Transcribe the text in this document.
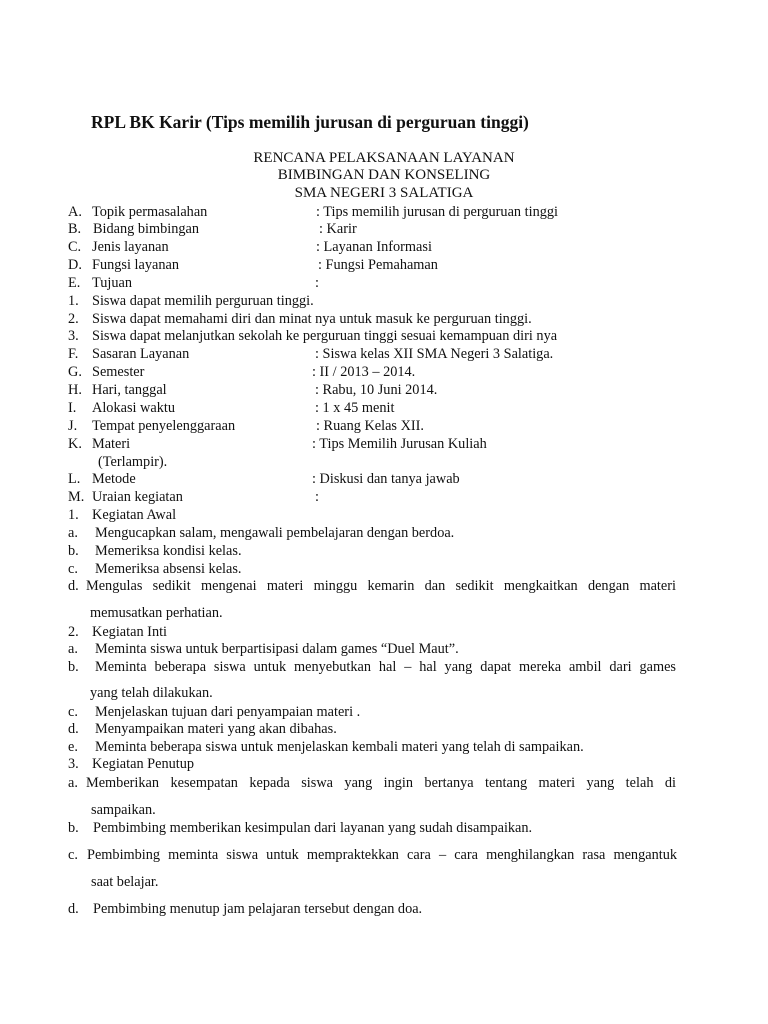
RPL BK Karir (Tips memilih jurusan di perguruan tinggi)
RENCANA PELAKSANAAN LAYANAN
BIMBINGAN DAN KONSELING
SMA NEGERI 3 SALATIGA
A. Topik permasalahan	: Tips memilih jurusan di perguruan tinggi
B. Bidang bimbingan	: Karir
C. Jenis layanan	: Layanan Informasi
D. Fungsi layanan	: Fungsi Pemahaman
E. Tujuan	:
1. Siswa dapat memilih perguruan tinggi.
2. Siswa dapat memahami diri dan minat nya untuk masuk ke perguruan tinggi.
3. Siswa dapat melanjutkan sekolah ke perguruan tinggi sesuai kemampuan diri nya
F. Sasaran Layanan	: Siswa kelas XII SMA Negeri 3 Salatiga.
G. Semester	: II / 2013 – 2014.
H. Hari, tanggal	: Rabu, 10 Juni 2014.
I. Alokasi waktu	: 1 x 45 menit
J. Tempat penyelenggaraan	: Ruang Kelas XII.
K. Materi	: Tips Memilih Jurusan Kuliah
(Terlampir).
L. Metode	: Diskusi dan tanya jawab
M. Uraian kegiatan	:
1. Kegiatan Awal
a. Mengucapkan salam, mengawali pembelajaran dengan berdoa.
b. Memeriksa kondisi kelas.
c. Memeriksa absensi kelas.
d. Mengulas sedikit mengenai materi minggu kemarin dan sedikit mengkaitkan dengan materi
memusatkan perhatian.
2. Kegiatan Inti
a. Meminta siswa untuk berpartisipasi dalam games “Duel Maut”.
b. Meminta beberapa siswa untuk menyebutkan hal – hal yang dapat mereka ambil dari games
yang telah dilakukan.
c. Menjelaskan tujuan dari penyampaian materi .
d. Menyampaikan materi yang akan dibahas.
e. Meminta beberapa siswa untuk menjelaskan kembali materi yang telah di sampaikan.
3. Kegiatan Penutup
a. Memberikan kesempatan kepada siswa yang ingin bertanya tentang materi yang telah di
sampaikan.
b. Pembimbing memberikan kesimpulan dari layanan yang sudah disampaikan.
c. Pembimbing meminta siswa untuk mempraktekkan cara – cara menghilangkan rasa mengantuk
saat belajar.
d. Pembimbing menutup jam pelajaran tersebut dengan doa.
